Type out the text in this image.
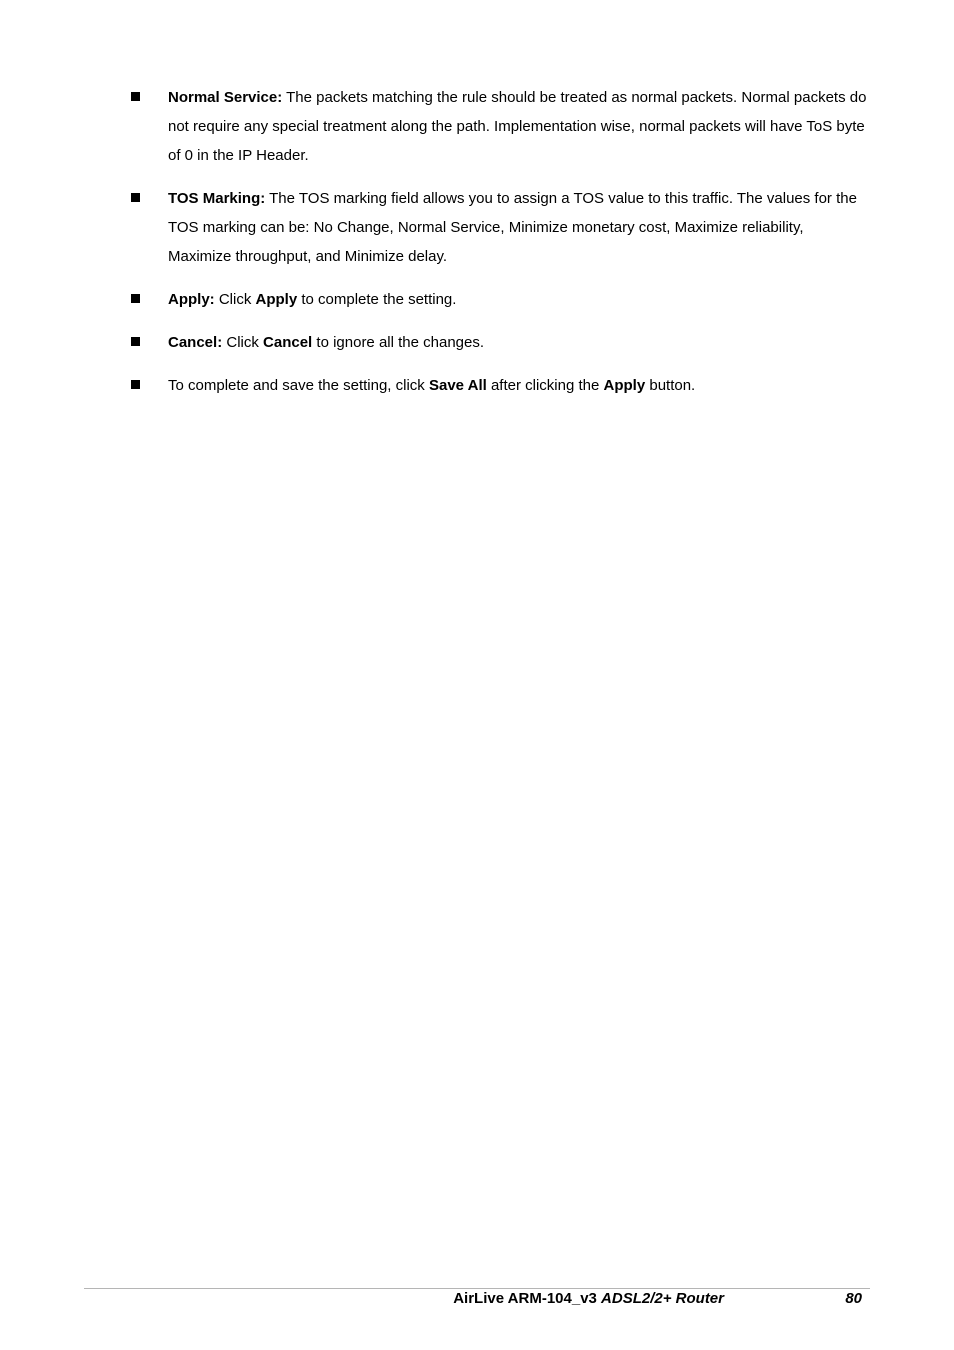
Normal Service: The packets matching the rule should be treated as normal packets. Normal packets do not require any special treatment along the path. Implementation wise, normal packets will have ToS byte of 0 in the IP Header.
TOS Marking: The TOS marking field allows you to assign a TOS value to this traffic. The values for the TOS marking can be: No Change, Normal Service, Minimize monetary cost, Maximize reliability, Maximize throughput, and Minimize delay.
Apply: Click Apply to complete the setting.
Cancel: Click Cancel to ignore all the changes.
To complete and save the setting, click Save All after clicking the Apply button.
AirLive ARM-104_v3 ADSL2/2+ Router	80
